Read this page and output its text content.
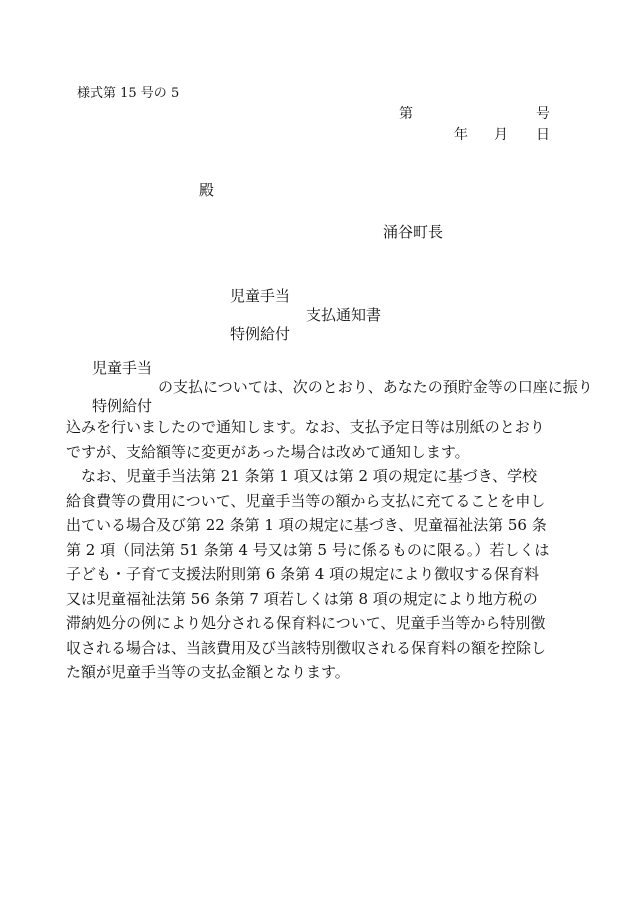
様式第 15 号の 5
第	号
年 月 日
殿
涌谷町長
児童手当
支払通知書
特例給付
児童手当
の支払については、次のとおり、あなたの預貯金等の口座に振り
特例給付

込みを行いましたので通知します。なお、支払予定日等は別紙のとおりですが、支給額等に変更があった場合は改めて通知します。

なお、児童手当法第 21 条第 1 項又は第 2 項の規定に基づき、学校給食費等の費用について、児童手当等の額から支払に充てることを申し出ている場合及び第 22 条第 1 項の規定に基づき、児童福祉法第 56 条第 2 項（同法第 51 条第 4 号又は第 5 号に係るものに限る。）若しくは子ども・子育て支援法附則第 6 条第 4 項の規定により徴収する保育料又は児童福祉法第 56 条第 7 項若しくは第 8 項の規定により地方税の滞納処分の例により処分される保育料について、児童手当等から特別徴収される場合は、当該費用及び当該特別徴収される保育料の額を控除した額が児童手当等の支払金額となります。
